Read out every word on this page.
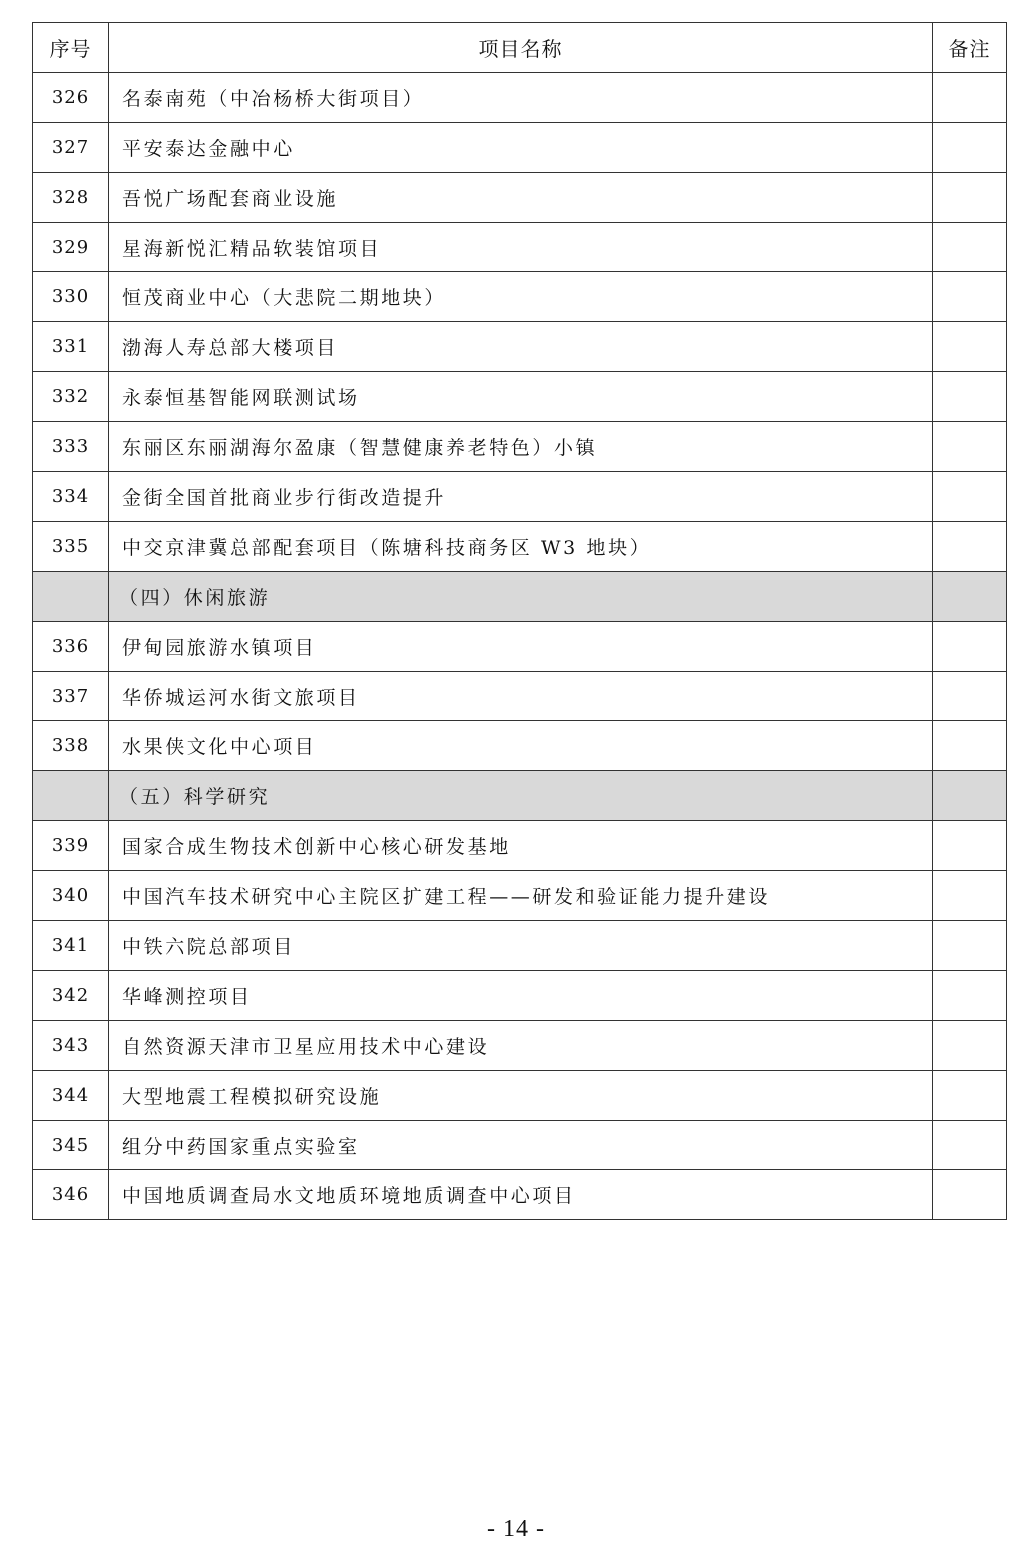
序号	项目名称	备注
326	名泰南苑（中冶杨桥大街项目）	
327	平安泰达金融中心	
328	吾悦广场配套商业设施	
329	星海新悦汇精品软装馆项目	
330	恒茂商业中心（大悲院二期地块）	
331	渤海人寿总部大楼项目	
332	永泰恒基智能网联测试场	
333	东丽区东丽湖海尔盈康（智慧健康养老特色）小镇	
334	金街全国首批商业步行街改造提升	
335	中交京津冀总部配套项目（陈塘科技商务区 W3 地块）	
	（四）休闲旅游	
336	伊甸园旅游水镇项目	
337	华侨城运河水街文旅项目	
338	水果侠文化中心项目	
	（五）科学研究	
339	国家合成生物技术创新中心核心研发基地	
340	中国汽车技术研究中心主院区扩建工程——研发和验证能力提升建设	
341	中铁六院总部项目	
342	华峰测控项目	
343	自然资源天津市卫星应用技术中心建设	
344	大型地震工程模拟研究设施	
345	组分中药国家重点实验室	
346	中国地质调查局水文地质环境地质调查中心项目	
- 14 -
